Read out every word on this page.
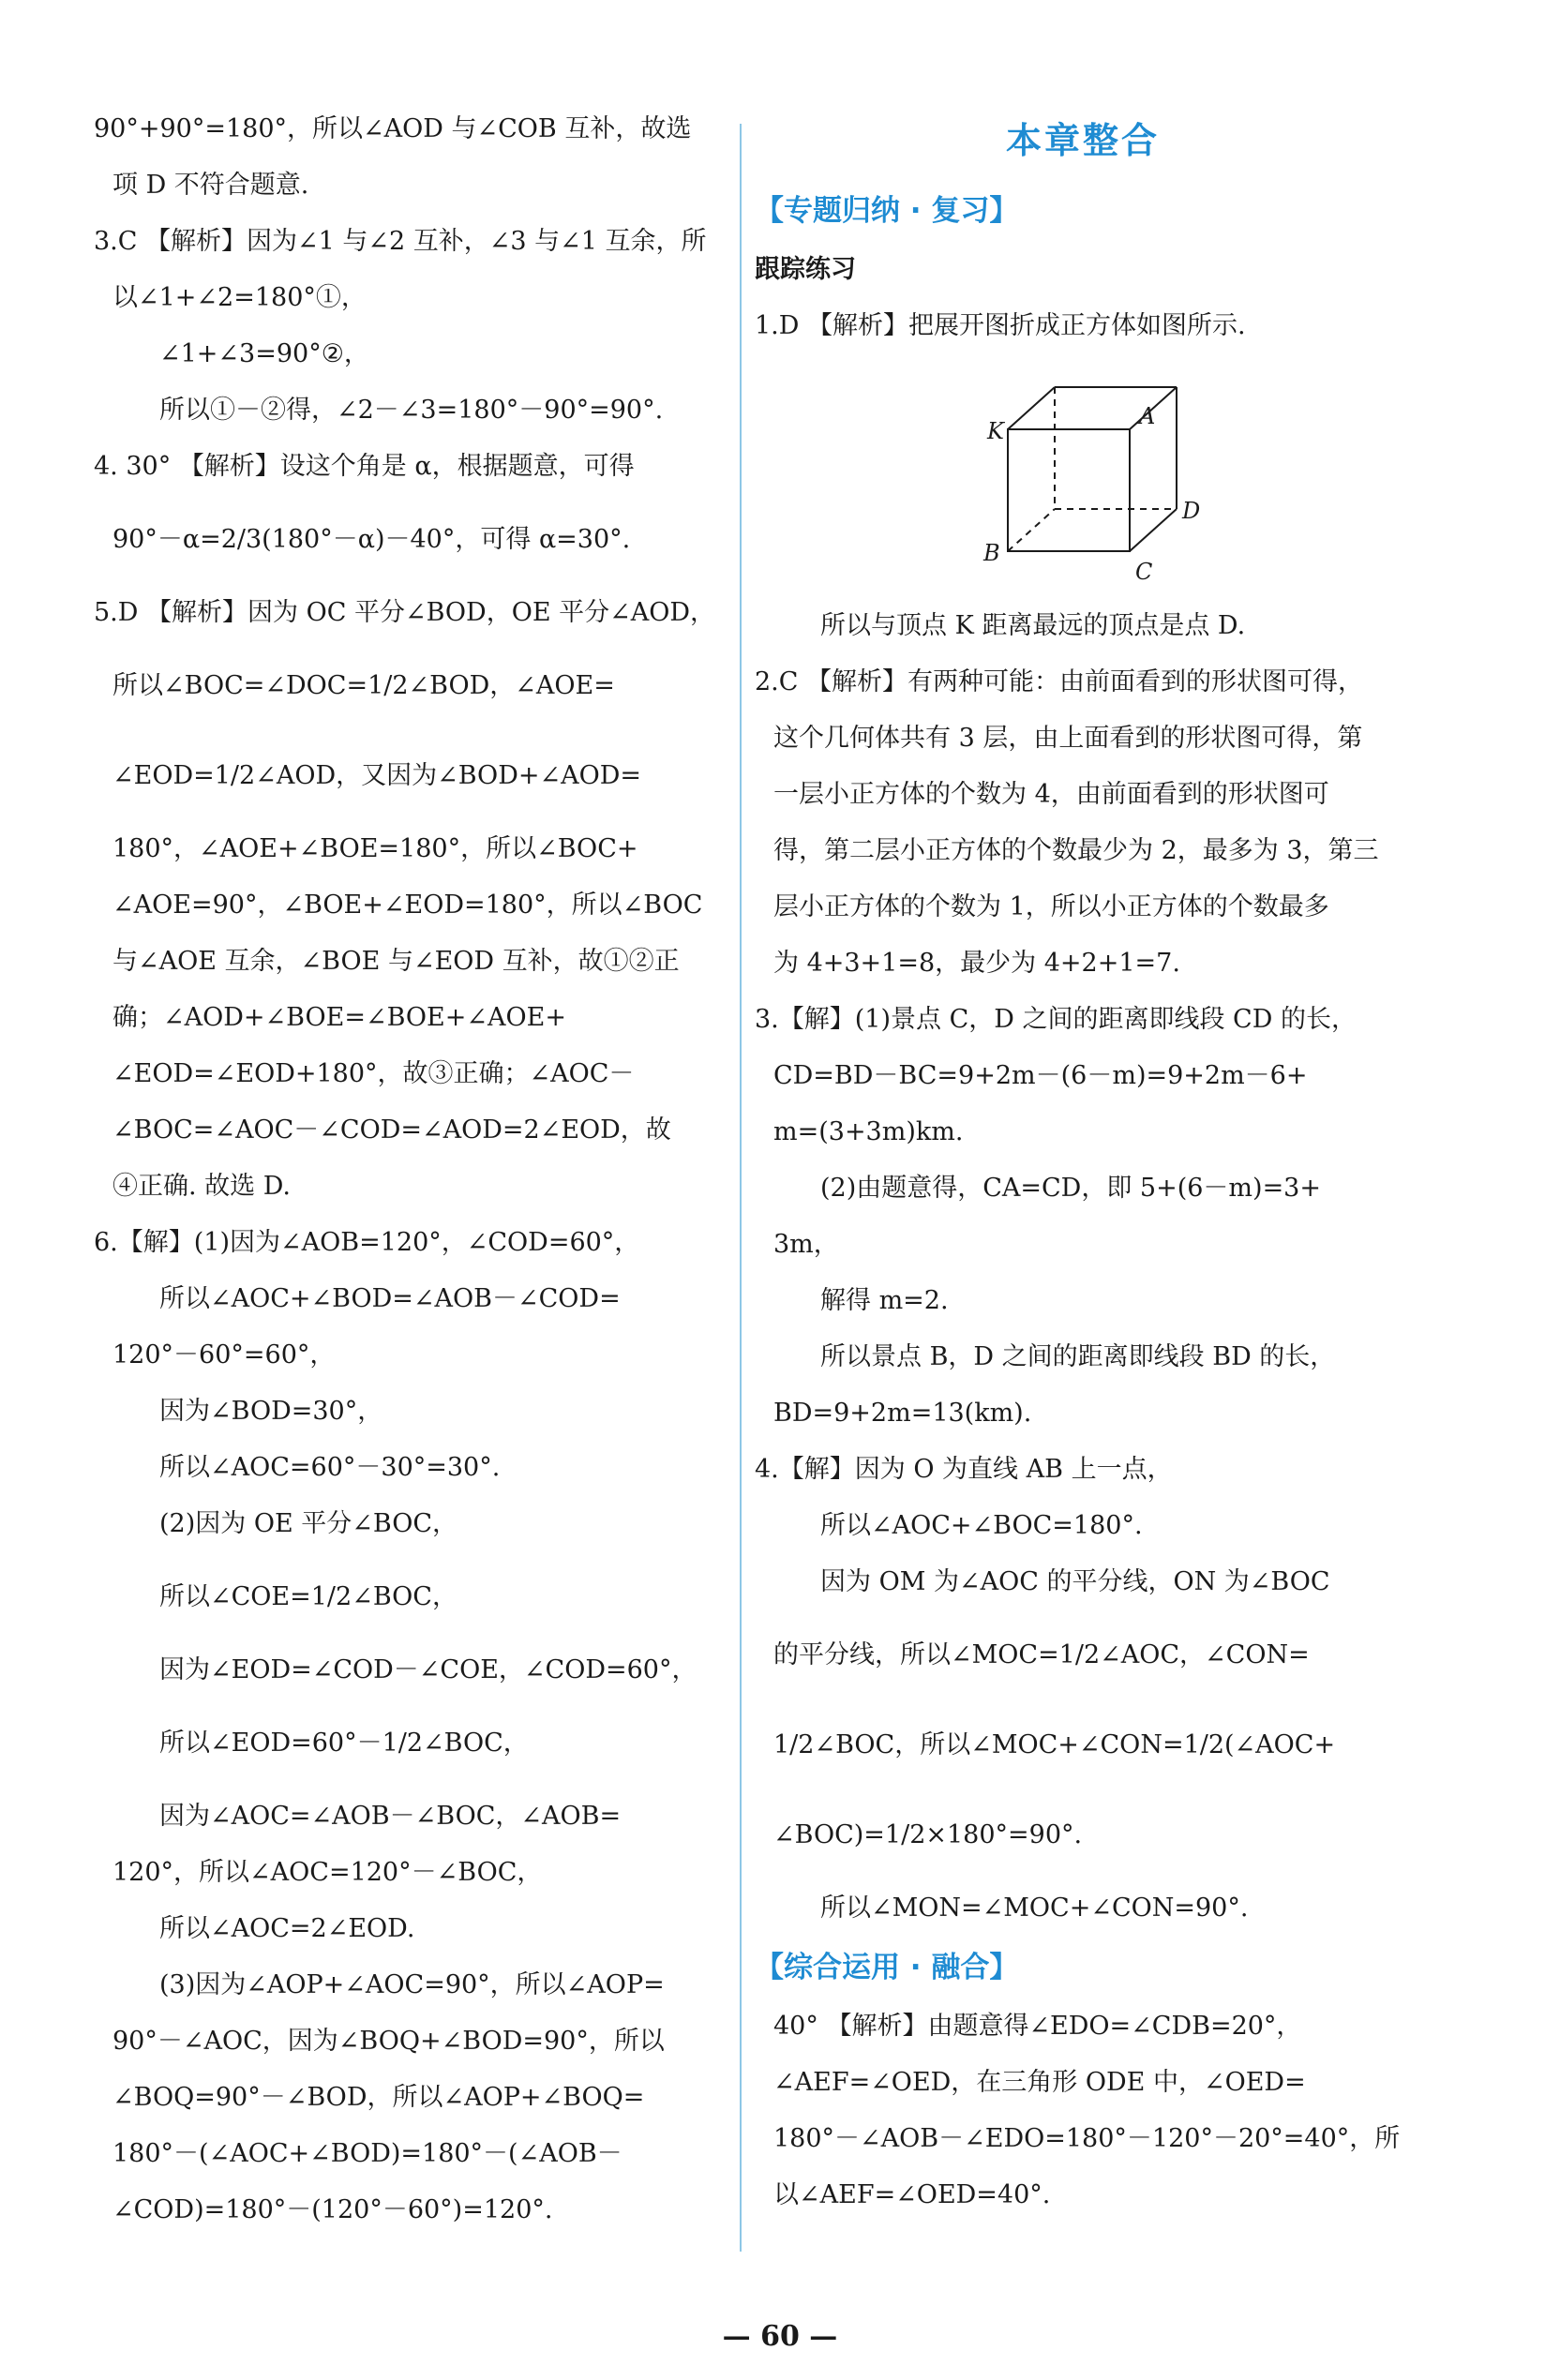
90°+90°=180°，所以∠AOD 与∠COB 互补，故选
项 D 不符合题意.
3.C 【解析】因为∠1 与∠2 互补，∠3 与∠1 互余，所
以∠1+∠2=180°①，
∠1+∠3=90°②，
所以①－②得，∠2－∠3=180°－90°=90°.
4. 30° 【解析】设这个角是 α，根据题意，可得
90°－α=2/3(180°－α)－40°，可得 α=30°.
5.D 【解析】因为 OC 平分∠BOD，OE 平分∠AOD，
所以∠BOC=∠DOC=1/2∠BOD，∠AOE=
∠EOD=1/2∠AOD，又因为∠BOD+∠AOD=
180°，∠AOE+∠BOE=180°，所以∠BOC+
∠AOE=90°，∠BOE+∠EOD=180°，所以∠BOC
与∠AOE 互余，∠BOE 与∠EOD 互补，故①②正
确；∠AOD+∠BOE=∠BOE+∠AOE+
∠EOD=∠EOD+180°，故③正确；∠AOC－
∠BOC=∠AOC－∠COD=∠AOD=2∠EOD，故
④正确. 故选 D.
6.【解】(1)因为∠AOB=120°，∠COD=60°，
所以∠AOC+∠BOD=∠AOB－∠COD=
120°－60°=60°，
因为∠BOD=30°，
所以∠AOC=60°－30°=30°.
(2)因为 OE 平分∠BOC，
所以∠COE=1/2∠BOC，
因为∠EOD=∠COD－∠COE，∠COD=60°，
所以∠EOD=60°－1/2∠BOC，
因为∠AOC=∠AOB－∠BOC，∠AOB=
120°，所以∠AOC=120°－∠BOC，
所以∠AOC=2∠EOD.
(3)因为∠AOP+∠AOC=90°，所以∠AOP=
90°－∠AOC，因为∠BOQ+∠BOD=90°，所以
∠BOQ=90°－∠BOD，所以∠AOP+∠BOQ=
180°－(∠AOC+∠BOD)=180°－(∠AOB－
∠COD)=180°－(120°－60°)=120°.
本章整合
【专题归纳 · 复习】
跟踪练习
1.D 【解析】把展开图折成正方体如图所示.
K
A
D
B
C
所以与顶点 K 距离最远的顶点是点 D.
2.C 【解析】有两种可能：由前面看到的形状图可得，
这个几何体共有 3 层，由上面看到的形状图可得，第
一层小正方体的个数为 4，由前面看到的形状图可
得，第二层小正方体的个数最少为 2，最多为 3，第三
层小正方体的个数为 1，所以小正方体的个数最多
为 4+3+1=8，最少为 4+2+1=7.
3.【解】(1)景点 C，D 之间的距离即线段 CD 的长，
CD=BD－BC=9+2m－(6－m)=9+2m－6+
m=(3+3m)km.
(2)由题意得，CA=CD，即 5+(6－m)=3+
3m，
解得 m=2.
所以景点 B，D 之间的距离即线段 BD 的长，
BD=9+2m=13(km).
4.【解】因为 O 为直线 AB 上一点，
所以∠AOC+∠BOC=180°.
因为 OM 为∠AOC 的平分线，ON 为∠BOC
的平分线，所以∠MOC=1/2∠AOC，∠CON=
1/2∠BOC，所以∠MOC+∠CON=1/2(∠AOC+
∠BOC)=1/2×180°=90°.
所以∠MON=∠MOC+∠CON=90°.
【综合运用 · 融合】
40° 【解析】由题意得∠EDO=∠CDB=20°，
∠AEF=∠OED，在三角形 ODE 中，∠OED=
180°－∠AOB－∠EDO=180°－120°－20°=40°，所
以∠AEF=∠OED=40°.
— 60 —
